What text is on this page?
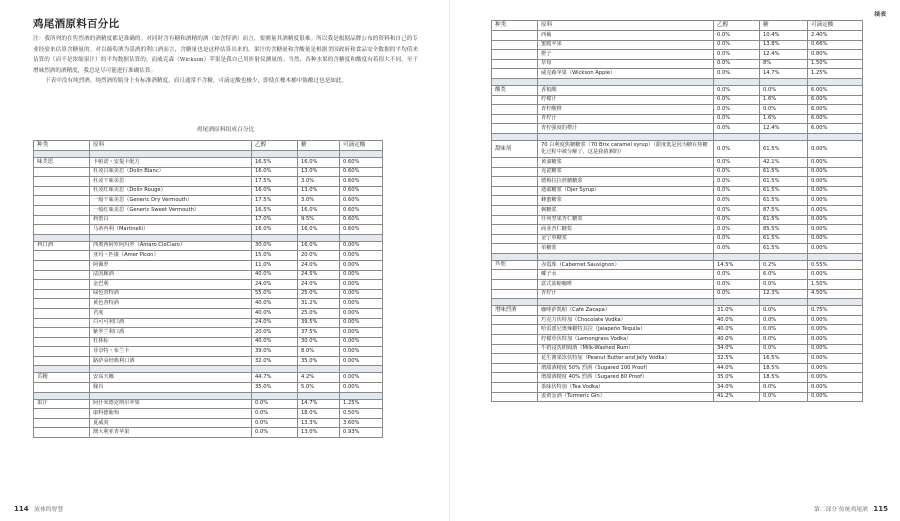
鸡尾酒原料百分比

注：我所列的在售烈酒的酒精度都是准确的。对同时含有糖和酒精的酒（如含特酒）而言，要测量其酒精度很难。所以我是根据品牌公布的资料和自己的专业经验来估算含糖量的。对以葡萄酒为基酒的利口酒而言，含糖量也是这样估算出来的。果汁的含糖量和含酸量是根据美国政府和食品安全数据的平均值来估算的（而不是浓缩果汁）的平均数据估算的。而威克森（Wickson）苹果是我自己用折射仪测量的。当然，各种水果的含糖度和酸度有着很大不同。至于增味烈酒的酒精度，我总是尽可能进行准确估算。

下表中没有纯烈酒。纯烈酒的瓶身上有标准酒精度，而且通常不含糖，可滴定酸也极少，即使在橡木桶中陈酿过也是如此。

鸡尾酒原料组成百分比
种类	原料	乙醇	糖	可滴定酸

味美思	卡帕诺・安提卡配方	16.5%	16.0%	0.60%
	杜凌白味美思（Dolin Blanc）	16.0%	13.0%	0.60%
	杜凌干味美思	17.5%	3.0%	0.60%
	杜凌红味美思（Dolin Rouge）	16.0%	13.0%	0.60%
	一般干味美思（Generic Dry Vermouth）	17.5%	3.0%	0.60%
	一般红味美思（Generic Sweet Vermouth）	16.5%	16.0%	0.60%
	莉蕾白	17.0%	9.5%	0.60%
	马蒂内利（Martinelli）	16.0%	16.0%	0.60%

利口酒	西奥西阿罗阿玛罗（Amaro CioCiaro）	30.0%	16.0%	0.00%
	亚玛・匹康（Amer Picon）	15.0%	20.0%	0.00%
	阿佩罗	11.0%	24.0%	0.00%
	法国廊酒	40.0%	24.5%	0.00%
	金巴利	24.0%	24.0%	0.00%
	绿色查特酒	55.0%	25.0%	0.00%
	黄色查特酒	40.0%	31.2%	0.00%
	君度	40.0%	25.0%	0.00%
	白可可利口酒	24.0%	39.5%	0.00%
	紫罗兰利口酒	20.0%	37.5%	0.00%
	杜林标	40.0%	30.0%	0.00%
	菲奈特・布兰卡	39.0%	8.0%	0.00%
	路萨朵经典利口酒	32.0%	35.0%	0.00%

苦精	安高天娜	44.7%	4.2%	0.00%
	佩肖	35.0%	5.0%	0.00%

果汁	阿什米德克纳尔苹果	0.0%	14.7%	1.25%
	康科德葡萄	0.0%	18.0%	0.50%
	夏威夷	0.0%	13.3%	3.60%
	澳大利亚青苹果	0.0%	13.0%	0.93%
114 液体的智慧
续表
种类	原料	乙醇	糖	可滴定酸
	西柚	0.0%	10.4%	2.40%
	蜜脆苹果	0.0%	13.8%	0.66%
	橙子	0.0%	12.4%	0.80%
	草莓	0.0%	8%	1.50%
	威克森苹果（Wickson Apple）	0.0%	14.7%	1.25%

酸类	香槟酸	0.0%	0.0%	6.00%
	柠檬汁	0.0%	1.6%	6.00%
	青柠酸橙	0.0%	0.0%	6.00%
	青柠汁	0.0%	1.6%	6.00%
	青柠强度的橙汁	0.0%	12.4%	6.00%

甜味剂	70 白利度焦糖糖浆（70 Brix caramel syrup）（甜度低是因为糖在焦糖化过程中被分解了，这是我猜测的）	0.0%	61.5%	0.00%
	黄油糖浆	0.0%	42.1%	0.00%
	克瓷糖浆	0.0%	61.5%	0.00%
	德梅拉拉蔗糖糖浆	0.0%	61.5%	0.00%
	迪耶糖浆（Djer Syrup）	0.0%	61.5%	0.00%
	蜂蜜糖浆	0.0%	61.5%	0.00%
	枫糖浆	0.0%	87.5%	0.00%
	任何坚果杏仁糖浆	0.0%	61.5%	0.00%
	商业杏仁糖浆	0.0%	85.5%	0.00%
	金宁单糖浆	0.0%	61.5%	0.00%
	单糖浆	0.0%	61.5%	0.00%

其他	赤霞珠（Cabernet Sauvignon）	14.5%	0.2%	0.55%
	椰子水	0.0%	6.0%	0.00%
	意式浓缩咖啡	0.0%	0.0%	1.50%
	青柠汁	0.0%	12.3%	4.50%

增味烈酒	咖啡萨凯帕（Café Zacapa）	31.0%	0.0%	0.75%
	巧克力伏特加（Chocolate Vodka）	40.0%	0.0%	0.00%
	哈雷派尼奥辣椒特其拉（Jalapeño Tequila）	40.0%	0.0%	0.00%
	柠檬草伏特加（Lemongrass Vodka）	40.0%	0.0%	0.00%
	牛奶浸洗朗姆酒（Milk-Washed Rum）	34.0%	0.0%	0.00%
	花生酱果冻伏特加（Peanut Butter and Jelly Vodka）	32.5%	16.5%	0.00%
	增甜酒精度 50% 烈酒（Sugared 100 Proof）	44.0%	18.5%	0.00%
	增甜酒精度 40% 烈酒（Sugared 80 Proof）	35.0%	18.5%	0.00%
	茶味伏特加（Tea Vodka）	34.0%	0.0%	0.00%
	姜黄金酒（Turmeric Gin）	41.2%	0.0%	0.00%
第二部分 传统鸡尾酒 115
